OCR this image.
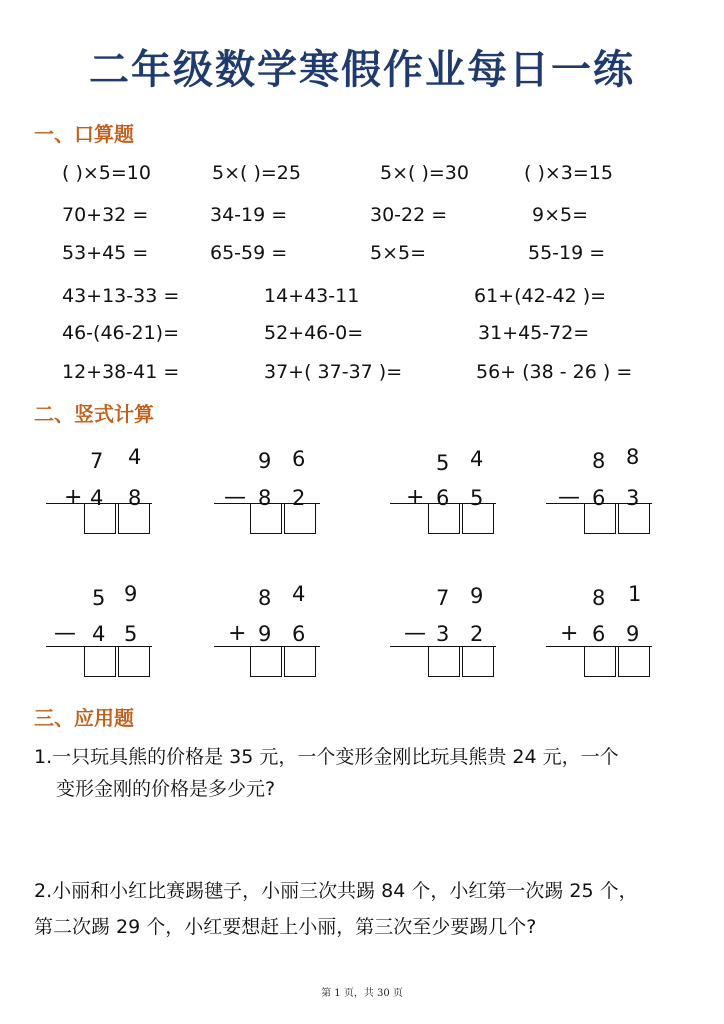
二年级数学寒假作业每日一练
一、口算题
( )×5=10	5×( )=25	5×( )=30	( )×3=15
70+32 =	34-19 =	30-22 =	9×5=
53+45 =	65-59 =	5×5=	55-19 =
43+13-33 =	14+43-11	61+(42-42 )=
46-(46-21)=	52+46-0=	31+45-72=
12+38-41 =	37+( 37-37 )=	56+ (38 - 26 ) =
二、竖式计算
7 4
+ 4 8
9 6
— 8 2
5 4
+ 6 5
8 8
— 6 3
5 9
— 4 5
8 4
+ 9 6
7 9
— 3 2
8 1
+ 6 9
三、应用题
1.一只玩具熊的价格是 35 元，一个变形金刚比玩具熊贵 24 元，一个
变形金刚的价格是多少元?
2.小丽和小红比赛踢毽子，小丽三次共踢 84 个，小红第一次踢 25 个，
第二次踢 29 个，小红要想赶上小丽，第三次至少要踢几个?
第 1 页，共 30 页
